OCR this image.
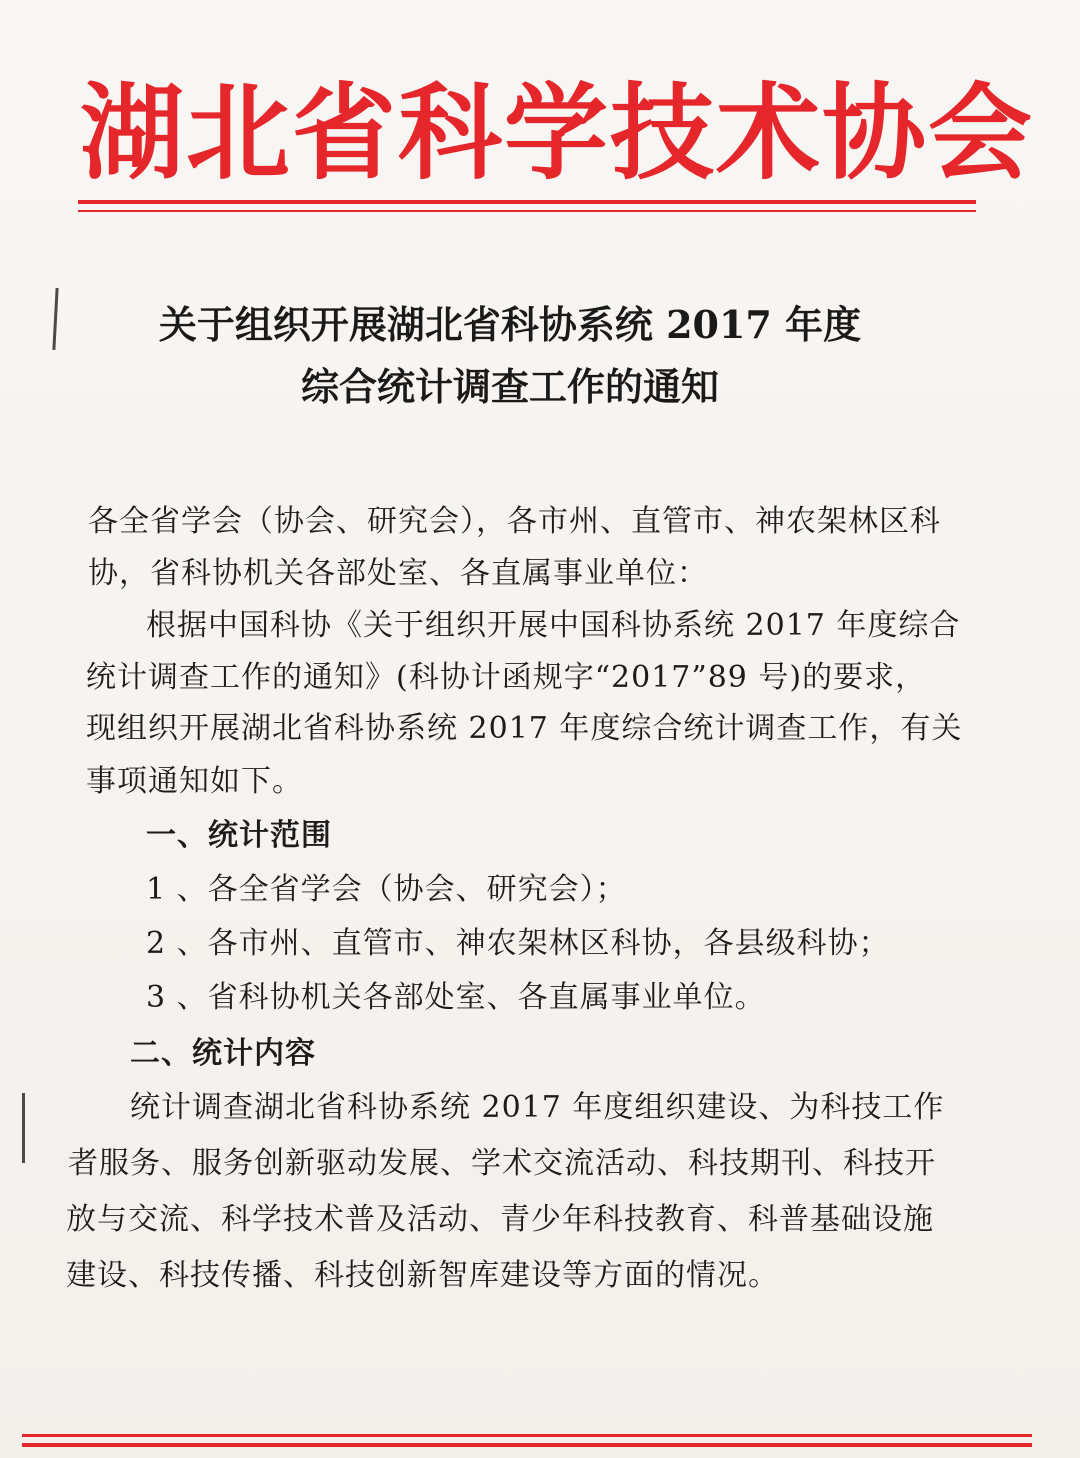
湖北省科学技术协会
关于组织开展湖北省科协系统 2017 年度
综合统计调查工作的通知
各全省学会（协会、研究会），各市州、直管市、神农架林区科
协，省科协机关各部处室、各直属事业单位：
根据中国科协《关于组织开展中国科协系统 2017 年度综合
统计调查工作的通知》(科协计函规字“2017”89 号)的要求，
现组织开展湖北省科协系统 2017 年度综合统计调查工作，有关
事项通知如下。
一、统计范围
1 、各全省学会（协会、研究会）；
2 、各市州、直管市、神农架林区科协，各县级科协；
3 、省科协机关各部处室、各直属事业单位。
二、统计内容
统计调查湖北省科协系统 2017 年度组织建设、为科技工作
者服务、服务创新驱动发展、学术交流活动、科技期刊、科技开
放与交流、科学技术普及活动、青少年科技教育、科普基础设施
建设、科技传播、科技创新智库建设等方面的情况。
